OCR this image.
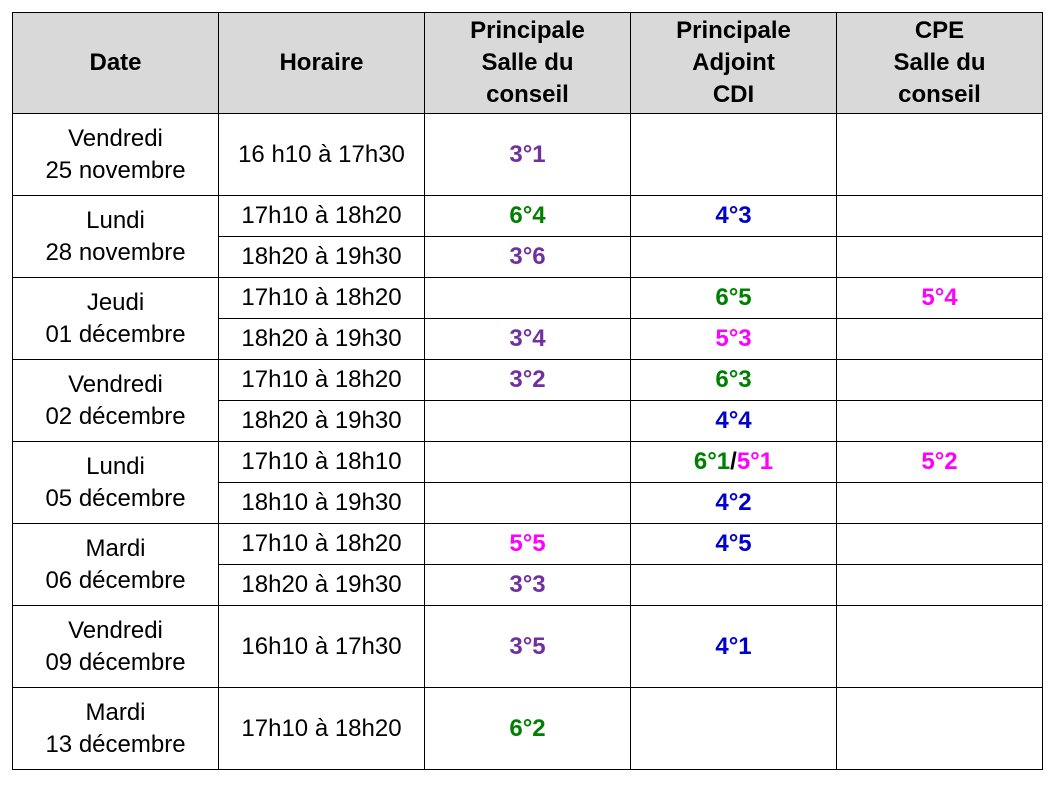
Date	Horaire	Principale
Salle du
conseil	Principale
Adjoint
CDI	CPE
Salle du
conseil

Vendredi
25 novembre	16 h10 à 17h30	3°1		

Lundi
28 novembre	17h10 à 18h20	6°4	4°3	
	18h20 à 19h30	3°6		

Jeudi
01 décembre	17h10 à 18h20		6°5	5°4
	18h20 à 19h30	3°4	5°3	

Vendredi
02 décembre	17h10 à 18h20	3°2	6°3	
	18h20 à 19h30		4°4	

Lundi
05 décembre	17h10 à 18h10		6°1/5°1	5°2
	18h10 à 19h30		4°2	

Mardi
06 décembre	17h10 à 18h20	5°5	4°5	
	18h20 à 19h30	3°3		

Vendredi
09 décembre	16h10 à 17h30	3°5	4°1	

Mardi
13 décembre	17h10 à 18h20	6°2		
